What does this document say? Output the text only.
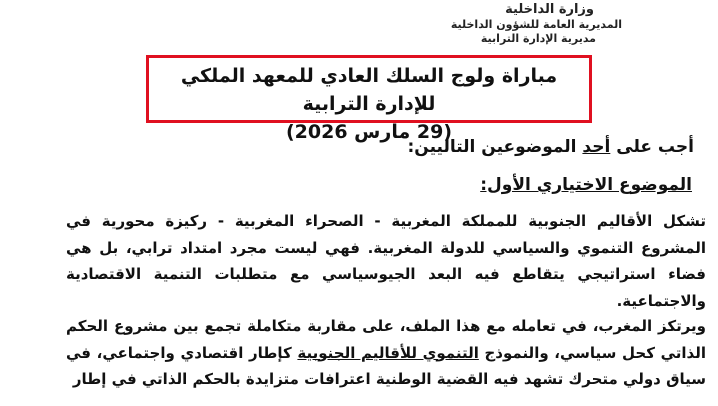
وزارة الداخلية
المديرية العامة للشؤون الداخلية
مديرية الإدارة الترابية
مباراة ولوج السلك العادي للمعهد الملكي للإدارة الترابية
(29 مارس 2026)
أجب على أحد الموضوعين التاليين:
الموضوع الاختياري الأول:
تشكل الأقاليم الجنوبية للمملكة المغربية - الصحراء المغربية - ركيزة محورية في المشروع التنموي والسياسي للدولة المغربية. فهي ليست مجرد امتداد ترابي، بل هي فضاء استراتيجي يتقاطع فيه البعد الجيوسياسي مع متطلبات التنمية الاقتصادية والاجتماعية.
ويرتكز المغرب، في تعامله مع هذا الملف، على مقاربة متكاملة تجمع بين مشروع الحكم الذاتي كحل سياسي، والنموذج التنموي للأقاليم الجنوبية كإطار اقتصادي واجتماعي، في سياق دولي متحرك تشهد فيه القضية الوطنية اعترافات متزايدة بالحكم الذاتي في إطار
